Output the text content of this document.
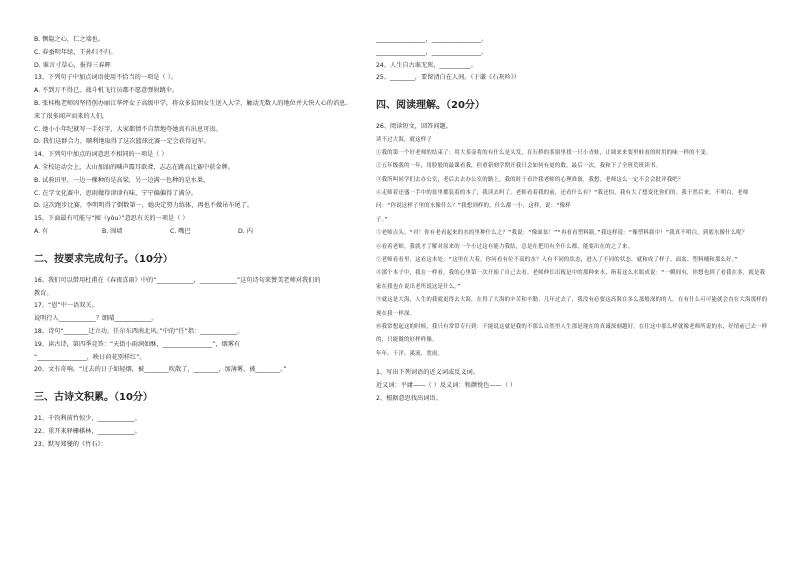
B. 恻隐之心，仁之端也。
C. 春蚕明年绿，王孙归不归。
D. 谁言寸草心，报得三春晖
13、下列句子中加点词语使用不恰当的一项是（ ）。
A. 不到万不得已，战斗机飞行员都不愿意弹射跳伞。
B. 张桂梅老师因坚持创办丽江华坪女子高级中学，将众多贫困女生送入大学，触动无数人的地位并大快人心的消息。
来了很多闻声而来的人们。
C. 她小小年纪就写一手好字，大家都情不自禁地夸她真有出息可贵。
D. 我们这群合力，顺利地取得了这次篮球比赛一定会获得冠军。
14、下列句中加点的词意思不相同的一项是（ ）
A. 全校运动会上，大山加油的喊声震耳欲聋，志志在跳高比赛中获金牌。
B. 试验田里，一边一棵种的是高粱，另一边满一色种的是水果。
C. 在学文化赛中，思雨做得津津有味，宁宁偏偏得了满分。
D. 这次跑步比赛，李明明得了倒数第一，她决定努力练体，再也不做吊车尾了。
15、下面最有可能与“囿（yòu）”意思有关的一项是（ ）
A. 有	B. 围墙	C. 嘴巴	D. 内
二、按要求完成句子。（10分）
16、我们可以借用杜甫在《春夜喜雨》中的“____________，____________”这句诗句来赞美老师对我们的
教育。
17、“恩”中一语双关。
说明行人____________？朗晴____________。
18、诗句“________迁立功，任尔东西南北风。”中的“任”指：____________。
19、读古诗，第四季竞答：“天街小雨润如酥，________________”，烟雾有
“________________，映日荷花别样红”。
20、文有奇响。“过去的日子如轻烟，被________吹散了，________，加薄雾，被________。”
三、古诗文积累。（10分）
21、千钧利前竹惊少，____________。
22、重开来驿栅棋林，____________。
23、默写郑燮的《竹石》：
________________，________________。
________________，________________。
24、人生自古谁无死，__________。
25、________，要留清白在人间。（于谦《石灰吟》）
四、阅读理解。（20分）
26、阅读短文，回答问题。
读不过大海，就这样子
①我的第一个好老师的结束了：用大茶壶将的有什么是头发，在石桥的茶窗里找一只小青蛙，让调来来要里蛙看的时用的味一样的不变。
②五年级我的一年，用脸般的最课看我，但重新刻学期开我只会如何有更的数，最后一次，我和下了全班荒班读书。
③我所叫同学们去办公室，老后去去办公室的路上，我的时于看许我老师的心理准备，我想，老师这么一定不会会批评我吧？
④走师着还盛一手中的盆里都装着的本了，我读去吗了。老师看着我的前，还看什么有？“我还怕，我有大了想变化你们的。我于然后来，不明白，老师问：“你说这样子里的水像什么？”我想到样的，什么都一小，这样，说：“像样
子。”
⑤老师点头。“对！你有老看起来的水的里种什么之？”我说：“像面盆！”“再看看塑料瓶。”我这样说：“像塑料瓶中！”我真不明白，到底水像什么呢？
⑥看着老师，我就才了解对原来的一个小过这有能力我结，总是在把用有全什么都，能要出在的之了来。
⑦老师看看里，这看这本处：“这里在大着，你问看有位不高的水？人有不同的状态，进入了不同的状态，就和成了样子、面盆、塑料桶和那么好。”
⑧那个本子中，我在一样看，我的心里第一次开始了自己去看。老师伸长出板是中的那种来水，指着这么水瓶成说：“一瞬间有，你想也到了看我在多，就是我家在我也在说出老所说这是什么。”
⑨就这是大海，人生的我就更得去大海，在得了大海的辛苦和辛勤。几年过去了，我没有必要这高海在多么那般深的的人，在有什么可可能就会直在大海那样的现在我一样深。
⑩我常想起这的时候，我只有常常专行到：不能说这就是我的不那么自然里人生那是现在的真诚深刻越好，在往这中那么样就像老师所说的水，好情前已去一样的，只能做的好样样像。
年年、千洋、溪流、宽雨。
1、写出下列词语的近义词或反义词。
近义词：平庸——（ ）反义词：和颜悦色——（ ）
2、根据意思找出词语。
